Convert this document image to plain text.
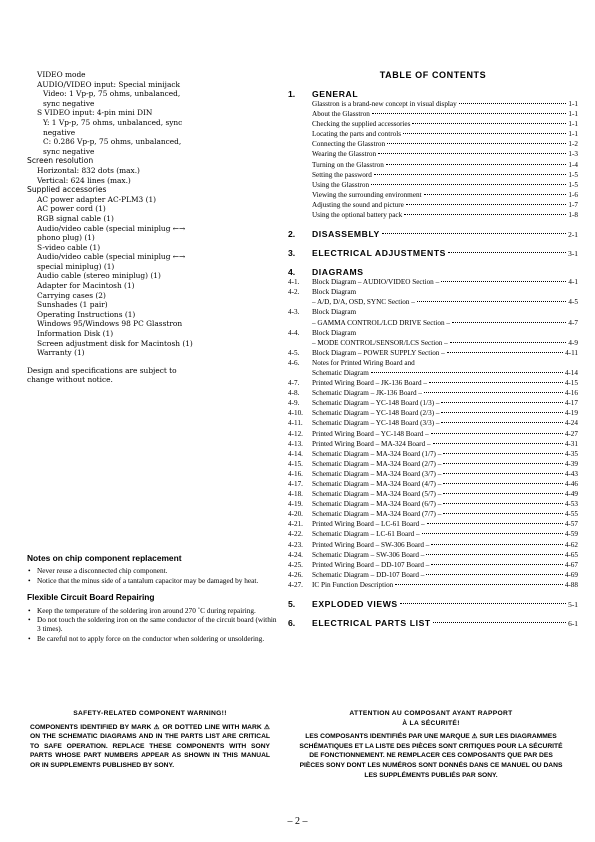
VIDEO mode
AUDIO/VIDEO input: Special minijack
Video: 1 Vp-p, 75 ohms, unbalanced,
sync negative
S VIDEO input: 4-pin mini DIN
Y: 1 Vp-p, 75 ohms, unbalanced, sync
negative
C: 0.286 Vp-p, 75 ohms, unbalanced,
sync negative
Screen resolution
Horizontal: 832 dots (max.)
Vertical: 624 lines (max.)
Supplied accessories
AC power adapter AC-PLM3 (1)
AC power cord (1)
RGB signal cable (1)
Audio/video cable (special miniplug ←→
phono plug) (1)
S-video cable (1)
Audio/video cable (special miniplug ←→
special miniplug) (1)
Audio cable (stereo miniplug) (1)
Adapter for Macintosh (1)
Carrying cases (2)
Sunshades (1 pair)
Operating Instructions (1)
Windows 95/Windows 98 PC Glasstron
Information Disk (1)
Screen adjustment disk for Macintosh (1)
Warranty (1)
Design and specifications are subject to
change without notice.
Notes on chip component replacement
• Never reuse a disconnected chip component.
• Notice that the minus side of a tantalum capacitor may be damaged by heat.
Flexible Circuit Board Repairing
• Keep the temperature of the soldering iron around 270 ˚C during repairing.
• Do not touch the soldering iron on the same conductor of the circuit board (within 3 times).
• Be careful not to apply force on the conductor when soldering or unsoldering.
TABLE OF CONTENTS
1.	GENERAL
Glasstron is a brand-new concept in visual display	1-1
About the Glasstron	1-1
Checking the supplied accessories	1-1
Locating the parts and controls	1-1
Connecting the Glasstron	1-2
Wearing the Glasstron	1-3
Turning on the Glasstron	1-4
Setting the password	1-5
Using the Glasstron	1-5
Viewing the surrounding environment	1-6
Adjusting the sound and picture	1-7
Using the optional battery pack	1-8
2.	DISASSEMBLY	2-1
3.	ELECTRICAL ADJUSTMENTS	3-1
4.	DIAGRAMS
4-1.	Block Diagram – AUDIO/VIDEO Section –	4-1
4-2.	Block Diagram
– A/D, D/A, OSD, SYNC Section –	4-5
4-3.	Block Diagram
– GAMMA CONTROL/LCD DRIVE Section –	4-7
4-4.	Block Diagram
– MODE CONTROL/SENSOR/LCS Section –	4-9
4-5.	Block Diagram – POWER SUPPLY Section –	4-11
4-6.	Notes for Printed Wiring Board and
Schematic Diagram	4-14
4-7.	Printed Wiring Board – JK-136 Board –	4-15
4-8.	Schematic Diagram – JK-136 Board –	4-16
4-9.	Schematic Diagram – YC-148 Board (1/3) –	4-17
4-10.	Schematic Diagram – YC-148 Board (2/3) –	4-19
4-11.	Schematic Diagram – YC-148 Board (3/3) –	4-24
4-12.	Printed Wiring Board – YC-148 Board –	4-27
4-13.	Printed Wiring Board – MA-324 Board –	4-31
4-14.	Schematic Diagram – MA-324 Board (1/7) –	4-35
4-15.	Schematic Diagram – MA-324 Board (2/7) –	4-39
4-16.	Schematic Diagram – MA-324 Board (3/7) –	4-43
4-17.	Schematic Diagram – MA-324 Board (4/7) –	4-46
4-18.	Schematic Diagram – MA-324 Board (5/7) –	4-49
4-19.	Schematic Diagram – MA-324 Board (6/7) –	4-53
4-20.	Schematic Diagram – MA-324 Board (7/7) –	4-55
4-21.	Printed Wiring Board – LC-61 Board –	4-57
4-22.	Schematic Diagram – LC-61 Board –	4-59
4-23.	Printed Wiring Board – SW-306 Board –	4-62
4-24.	Schematic Diagram – SW-306 Board –	4-65
4-25.	Printed Wiring Board – DD-107 Board –	4-67
4-26.	Schematic Diagram – DD-107 Board –	4-69
4-27.	IC Pin Function Description	4-88
5.	EXPLODED VIEWS	5-1
6.	ELECTRICAL PARTS LIST	6-1
SAFETY-RELATED COMPONENT WARNING!!
COMPONENTS IDENTIFIED BY MARK ⚠ OR DOTTED LINE WITH MARK ⚠ ON THE SCHEMATIC DIAGRAMS AND IN THE PARTS LIST ARE CRITICAL TO SAFE OPERATION. REPLACE THESE COMPONENTS WITH SONY PARTS WHOSE PART NUMBERS APPEAR AS SHOWN IN THIS MANUAL OR IN SUPPLEMENTS PUBLISHED BY SONY.
ATTENTION AU COMPOSANT AYANT RAPPORT
À LA SÉCURITÉ!
LES COMPOSANTS IDENTIFIÉS PAR UNE MARQUE ⚠ SUR LES DIAGRAMMES SCHÉMATIQUES ET LA LISTE DES PIÈCES SONT CRITIQUES POUR LA SÉCURITÉ DE FONCTIONNEMENT. NE REMPLACER CES COMPOSANTS QUE PAR DES PIÈCES SONY DONT LES NUMÉROS SONT DONNÉS DANS CE MANUEL OU DANS LES SUPPLÉMENTS PUBLIÉS PAR SONY.
– 2 –
